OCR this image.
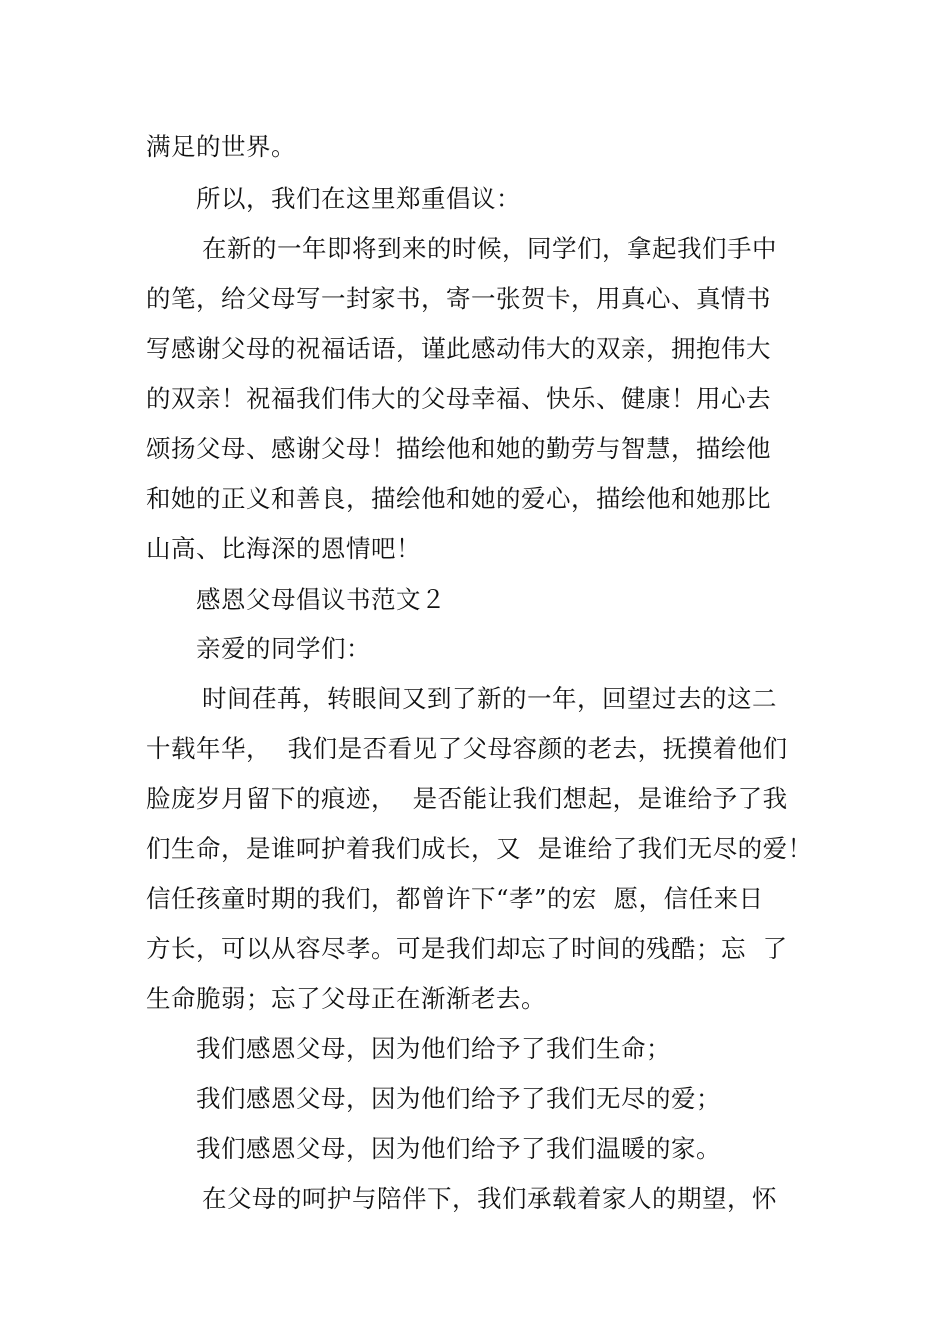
满足的世界。
所以，我们在这里郑重倡议：
在新的一年即将到来的时候，同学们，拿起我们手中
的笔，给父母写一封家书，寄一张贺卡，用真心、真情书
写感谢父母的祝福话语，谨此感动伟大的双亲，拥抱伟大
的双亲！祝福我们伟大的父母幸福、快乐、健康！用心去
颂扬父母、感谢父母！描绘他和她的勤劳与智慧，描绘他
和她的正义和善良，描绘他和她的爱心，描绘他和她那比
山高、比海深的恩情吧！
感恩父母倡议书范文２
亲爱的同学们：
时间荏苒，转眼间又到了新的一年，回望过去的这二
十载年华，  我们是否看见了父母容颜的老去，抚摸着他们
脸庞岁月留下的痕迹，  是否能让我们想起，是谁给予了我
们生命，是谁呵护着我们成长，又  是谁给了我们无尽的爱！
信任孩童时期的我们，都曾许下“孝”的宏  愿，信任来日
方长，可以从容尽孝。可是我们却忘了时间的残酷；忘  了
生命脆弱；忘了父母正在渐渐老去。
我们感恩父母，因为他们给予了我们生命；
我们感恩父母，因为他们给予了我们无尽的爱；
我们感恩父母，因为他们给予了我们温暖的家。
在父母的呵护与陪伴下，我们承载着家人的期望，怀
